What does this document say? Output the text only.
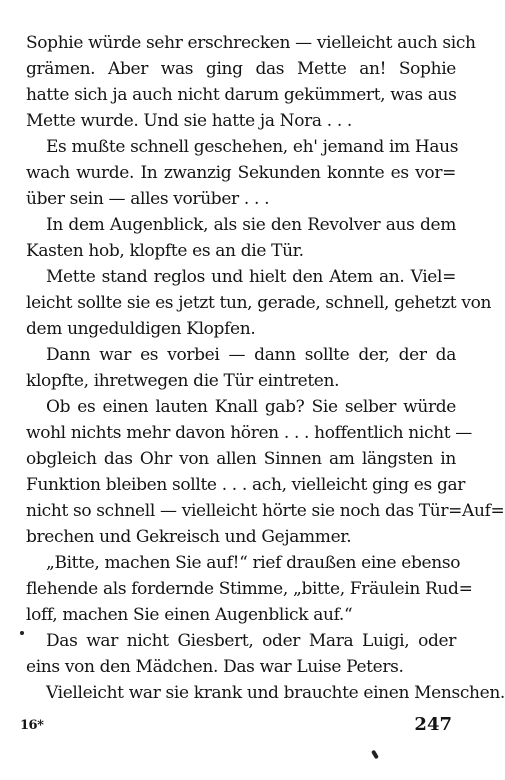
Sophie würde sehr erschrecken — vielleicht auch sich
grämen. Aber was ging das Mette an! Sophie
hatte sich ja auch nicht darum gekümmert, was aus
Mette wurde. Und sie hatte ja Nora . . .
Es mußte schnell geschehen, eh' jemand im Haus
wach wurde. In zwanzig Sekunden konnte es vor=
über sein — alles vorüber . . .
In dem Augenblick, als sie den Revolver aus dem
Kasten hob, klopfte es an die Tür.
Mette stand reglos und hielt den Atem an. Viel=
leicht sollte sie es jetzt tun, gerade, schnell, gehetzt von
dem ungeduldigen Klopfen.
Dann war es vorbei — dann sollte der, der da
klopfte, ihretwegen die Tür eintreten.
Ob es einen lauten Knall gab? Sie selber würde
wohl nichts mehr davon hören . . . hoffentlich nicht —
obgleich das Ohr von allen Sinnen am längsten in
Funktion bleiben sollte . . . ach, vielleicht ging es gar
nicht so schnell — vielleicht hörte sie noch das Tür=Auf=
brechen und Gekreisch und Gejammer.
„Bitte, machen Sie auf!“ rief draußen eine ebenso
flehende als fordernde Stimme, „bitte, Fräulein Rud=
loff, machen Sie einen Augenblick auf.“
Das war nicht Giesbert, oder Mara Luigi, oder
eins von den Mädchen. Das war Luise Peters.
Vielleicht war sie krank und brauchte einen Menschen.
16*	247
